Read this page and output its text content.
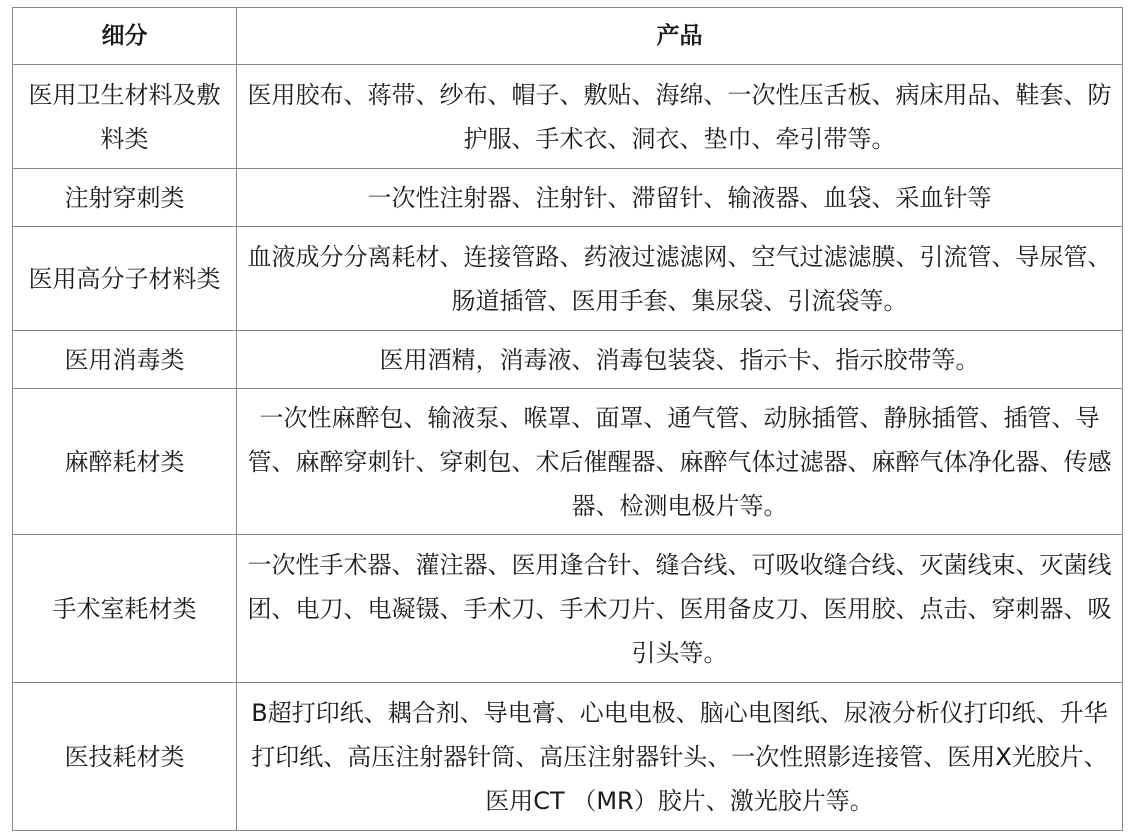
细分	产品
医用卫生材料及敷料类	医用胶布、蒋带、纱布、帽子、敷贴、海绵、一次性压舌板、病床用品、鞋套、防护服、手术衣、洞衣、垫巾、牵引带等。
注射穿刺类	一次性注射器、注射针、滞留针、输液器、血袋、采血针等
医用高分子材料类	血液成分分离耗材、连接管路、药液过滤滤网、空气过滤滤膜、引流管、导尿管、肠道插管、医用手套、集尿袋、引流袋等。
医用消毒类	医用酒精，消毒液、消毒包装袋、指示卡、指示胶带等。
麻醉耗材类	一次性麻醉包、输液泵、喉罩、面罩、通气管、动脉插管、静脉插管、插管、导管、麻醉穿刺针、穿刺包、术后催醒器、麻醉气体过滤器、麻醉气体净化器、传感器、检测电极片等。
手术室耗材类	一次性手术器、灌注器、医用逢合针、缝合线、可吸收缝合线、灭菌线束、灭菌线团、电刀、电凝镊、手术刀、手术刀片、医用备皮刀、医用胶、点击、穿刺器、吸引头等。
医技耗材类	B超打印纸、耦合剂、导电膏、心电电极、脑心电图纸、尿液分析仪打印纸、升华打印纸、高压注射器针筒、高压注射器针头、一次性照影连接管、医用X光胶片、医用CT （MR）胶片、激光胶片等。
